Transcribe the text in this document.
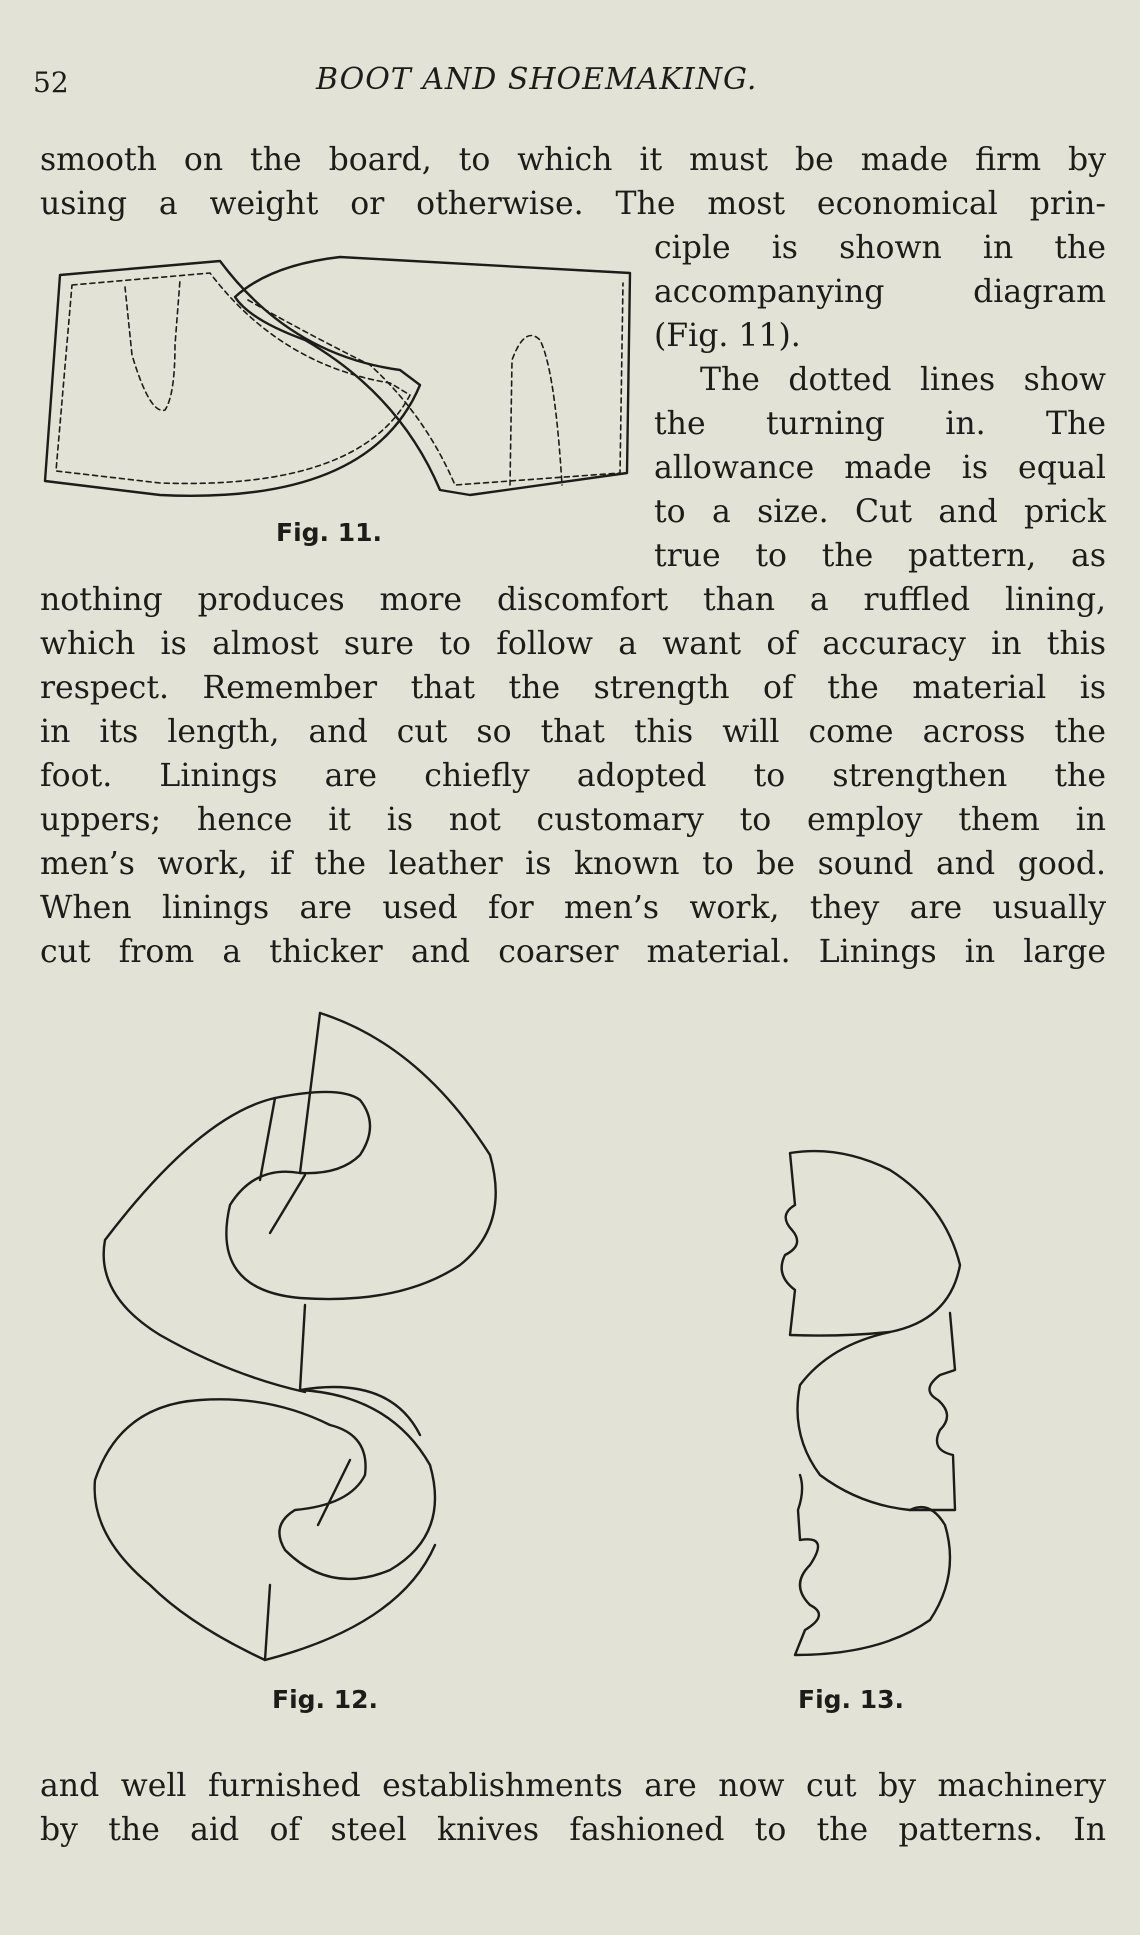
52	BOOT AND SHOEMAKING.
smooth on the board, to which it must be made firm by
using a weight or otherwise. The most economical prin-
ciple is shown in the
accompanying diagram
(Fig. 11).
The dotted lines show
the turning in. The
allowance made is equal
to a size. Cut and prick
true to the pattern, as
nothing produces more discomfort than a ruffled lining,
which is almost sure to follow a want of accuracy in this
respect. Remember that the strength of the material is
in its length, and cut so that this will come across the
foot. Linings are chiefly adopted to strengthen the
uppers; hence it is not customary to employ them in
men’s work, if the leather is known to be sound and good.
When linings are used for men’s work, they are usually
cut from a thicker and coarser material. Linings in large
Fig. 11.
Fig. 12.	Fig. 13.
and well furnished establishments are now cut by machinery
by the aid of steel knives fashioned to the patterns. In
